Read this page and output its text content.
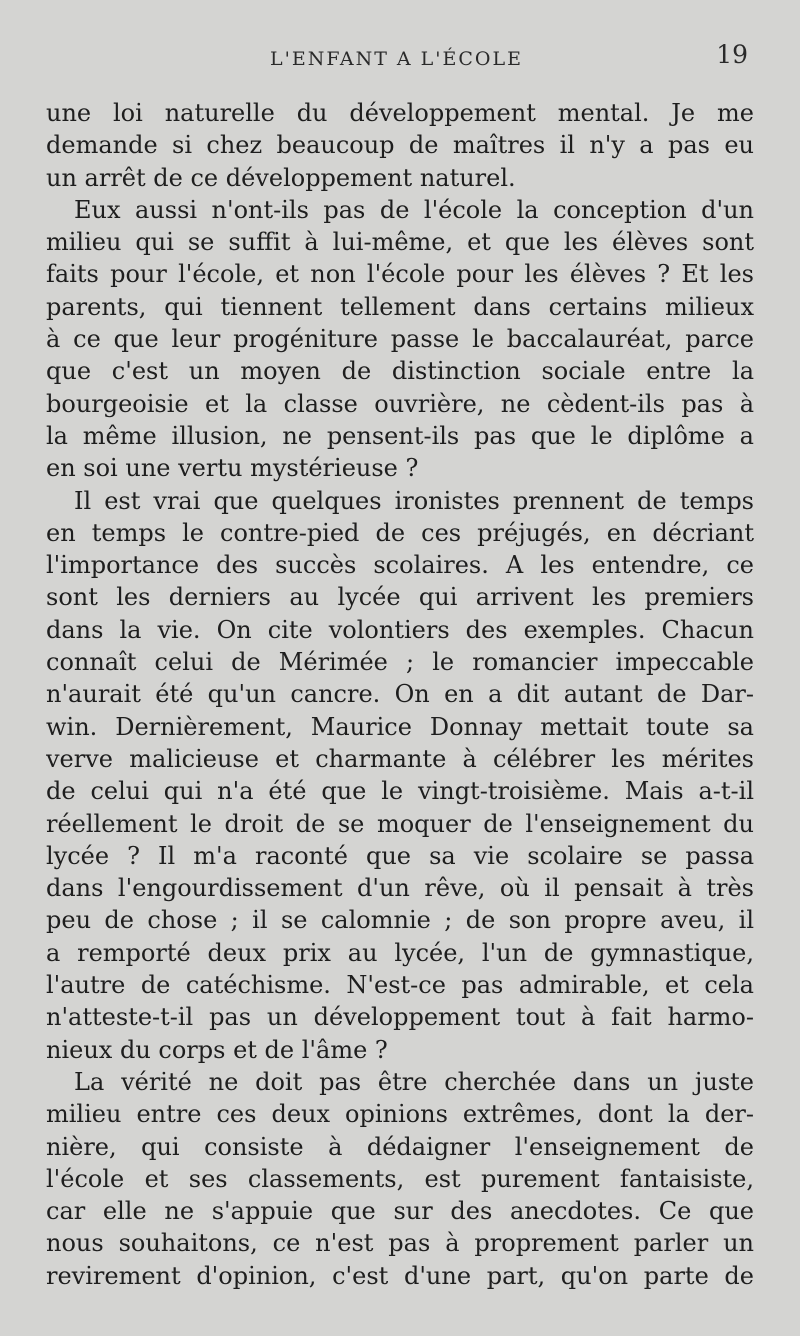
L'ENFANT A L'ÉCOLE	19
une loi naturelle du développement mental. Je me
demande si chez beaucoup de maîtres il n'y a pas eu
un arrêt de ce développement naturel.
Eux aussi n'ont-ils pas de l'école la conception d'un
milieu qui se suffit à lui-même, et que les élèves sont
faits pour l'école, et non l'école pour les élèves ? Et les
parents, qui tiennent tellement dans certains milieux
à ce que leur progéniture passe le baccalauréat, parce
que c'est un moyen de distinction sociale entre la
bourgeoisie et la classe ouvrière, ne cèdent-ils pas à
la même illusion, ne pensent-ils pas que le diplôme a
en soi une vertu mystérieuse ?
Il est vrai que quelques ironistes prennent de temps
en temps le contre-pied de ces préjugés, en décriant
l'importance des succès scolaires. A les entendre, ce
sont les derniers au lycée qui arrivent les premiers
dans la vie. On cite volontiers des exemples. Chacun
connaît celui de Mérimée ; le romancier impeccable
n'aurait été qu'un cancre. On en a dit autant de Dar-
win. Dernièrement, Maurice Donnay mettait toute sa
verve malicieuse et charmante à célébrer les mérites
de celui qui n'a été que le vingt-troisième. Mais a-t-il
réellement le droit de se moquer de l'enseignement du
lycée ? Il m'a raconté que sa vie scolaire se passa
dans l'engourdissement d'un rêve, où il pensait à très
peu de chose ; il se calomnie ; de son propre aveu, il
a remporté deux prix au lycée, l'un de gymnastique,
l'autre de catéchisme. N'est-ce pas admirable, et cela
n'atteste-t-il pas un développement tout à fait harmo-
nieux du corps et de l'âme ?
La vérité ne doit pas être cherchée dans un juste
milieu entre ces deux opinions extrêmes, dont la der-
nière, qui consiste à dédaigner l'enseignement de
l'école et ses classements, est purement fantaisiste,
car elle ne s'appuie que sur des anecdotes. Ce que
nous souhaitons, ce n'est pas à proprement parler un
revirement d'opinion, c'est d'une part, qu'on parte de
